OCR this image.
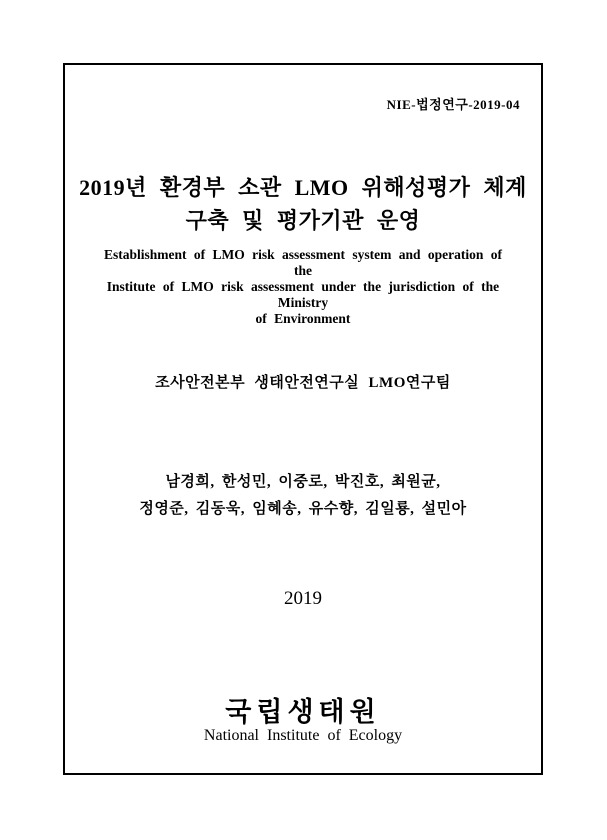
NIE-법정연구-2019-04
2019년 환경부 소관 LMO 위해성평가 체계
구축 및 평가기관 운영
Establishment of LMO risk assessment system and operation of the
Institute of LMO risk assessment under the jurisdiction of the Ministry
of Environment
조사안전본부 생태안전연구실 LMO연구팀
남경희, 한성민, 이중로, 박진호, 최원균,
정영준, 김동욱, 임혜송, 유수향, 김일룡, 설민아
2019
국립생태원
National Institute of Ecology
